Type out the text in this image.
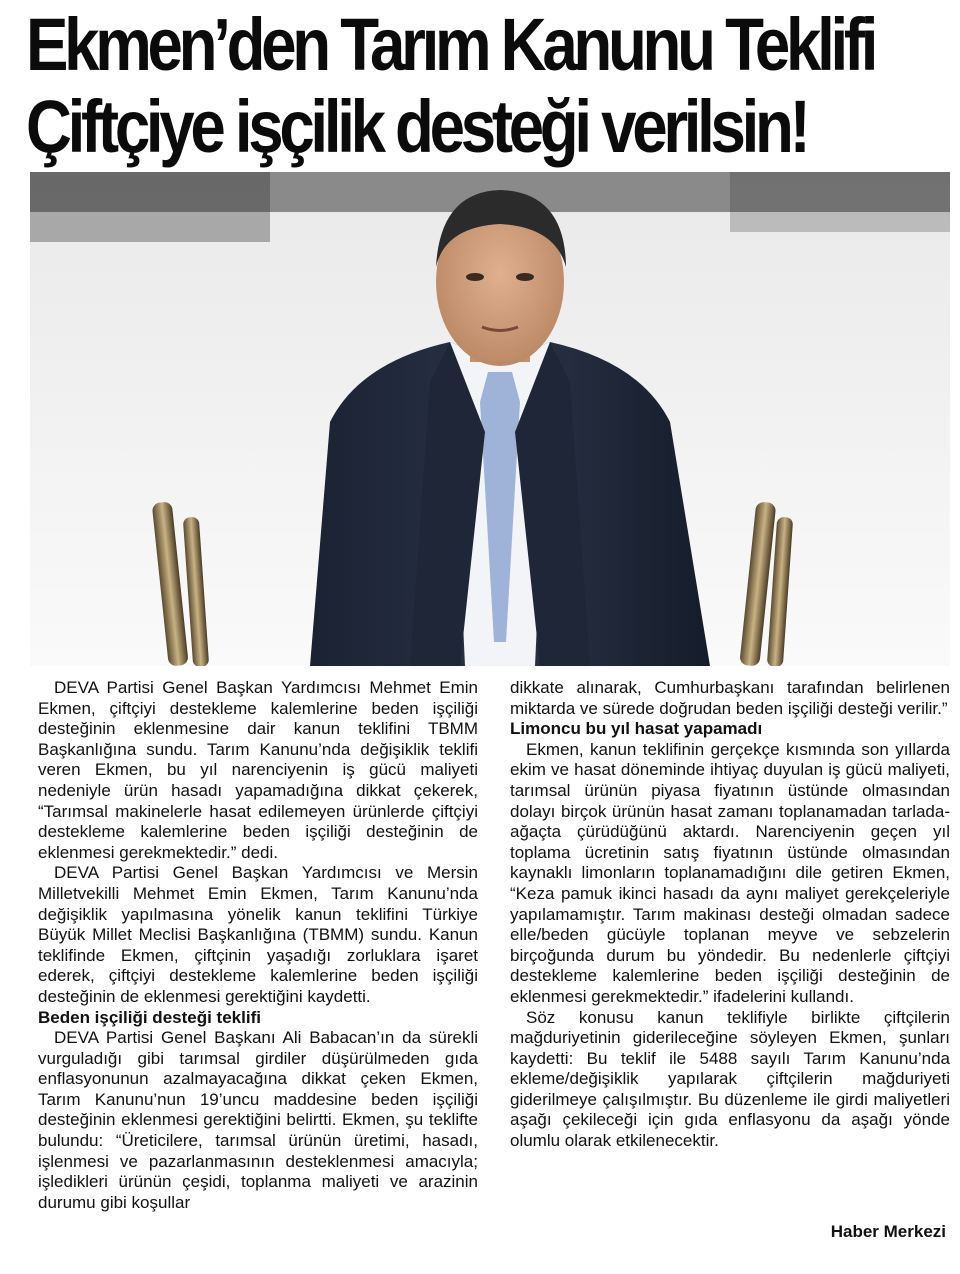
Ekmen’den Tarım Kanunu Teklifi
Çiftçiye işçilik desteği verilsin!

DEVA Partisi Genel Başkan Yardımcısı Mehmet Emin Ekmen, çiftçiyi destekleme kalemlerine beden işçiliği desteğinin eklenmesine dair kanun teklifini TBMM Başkanlığına sundu. Tarım Kanunu’nda değişiklik teklifi veren Ekmen, bu yıl narenciyenin iş gücü maliyeti nedeniyle ürün hasadı yapamadığına dikkat çekerek, “Tarımsal makinelerle hasat edilemeyen ürünlerde çiftçiyi destekleme kalemlerine beden işçiliği desteğinin de eklenmesi gerekmektedir.” dedi.

DEVA Partisi Genel Başkan Yardımcısı ve Mersin Milletvekilli Mehmet Emin Ekmen, Tarım Kanunu’nda değişiklik yapılmasına yönelik kanun teklifini Türkiye Büyük Millet Meclisi Başkanlığına (TBMM) sundu. Kanun teklifinde Ekmen, çiftçinin yaşadığı zorluklara işaret ederek, çiftçiyi destekleme kalemlerine beden işçiliği desteğinin de eklenmesi gerektiğini kaydetti.

Beden işçiliği desteği teklifi

DEVA Partisi Genel Başkanı Ali Babacan’ın da sürekli vurguladığı gibi tarımsal girdiler düşürülmeden gıda enflasyonunun azalmayacağına dikkat çeken Ekmen, Tarım Kanunu’nun 19’uncu maddesine beden işçiliği desteğinin eklenmesi gerektiğini belirtti. Ekmen, şu teklifte bulundu: “Üreticilere, tarımsal ürünün üretimi, hasadı, işlenmesi ve pazarlanmasının desteklenmesi amacıyla; işledikleri ürünün çeşidi, toplanma maliyeti ve arazinin durumu gibi koşullar

dikkate alınarak, Cumhurbaşkanı tarafından belirlenen miktarda ve sürede doğrudan beden işçiliği desteği verilir.”

Limoncu bu yıl hasat yapamadı

Ekmen, kanun teklifinin gerçekçe kısmında son yıllarda ekim ve hasat döneminde ihtiyaç duyulan iş gücü maliyeti, tarımsal ürünün piyasa fiyatının üstünde olmasından dolayı birçok ürünün hasat zamanı toplanamadan tarlada-ağaçta çürüdüğünü aktardı. Narenciyenin geçen yıl toplama ücretinin satış fiyatının üstünde olmasından kaynaklı limonların toplanamadığını dile getiren Ekmen, “Keza pamuk ikinci hasadı da aynı maliyet gerekçeleriyle yapılamamıştır. Tarım makinası desteği olmadan sadece elle/beden gücüyle toplanan meyve ve sebzelerin birçoğunda durum bu yöndedir. Bu nedenlerle çiftçiyi destekleme kalemlerine beden işçiliği desteğinin de eklenmesi gerekmektedir.” ifadelerini kullandı.

Söz konusu kanun teklifiyle birlikte çiftçilerin mağduriyetinin giderileceğine söyleyen Ekmen, şunları kaydetti: Bu teklif ile 5488 sayılı Tarım Kanunu’nda ekleme/değişiklik yapılarak çiftçilerin mağduriyeti giderilmeye çalışılmıştır. Bu düzenleme ile girdi maliyetleri aşağı çekileceği için gıda enflasyonu da aşağı yönde olumlu olarak etkilenecektir.

Haber Merkezi
